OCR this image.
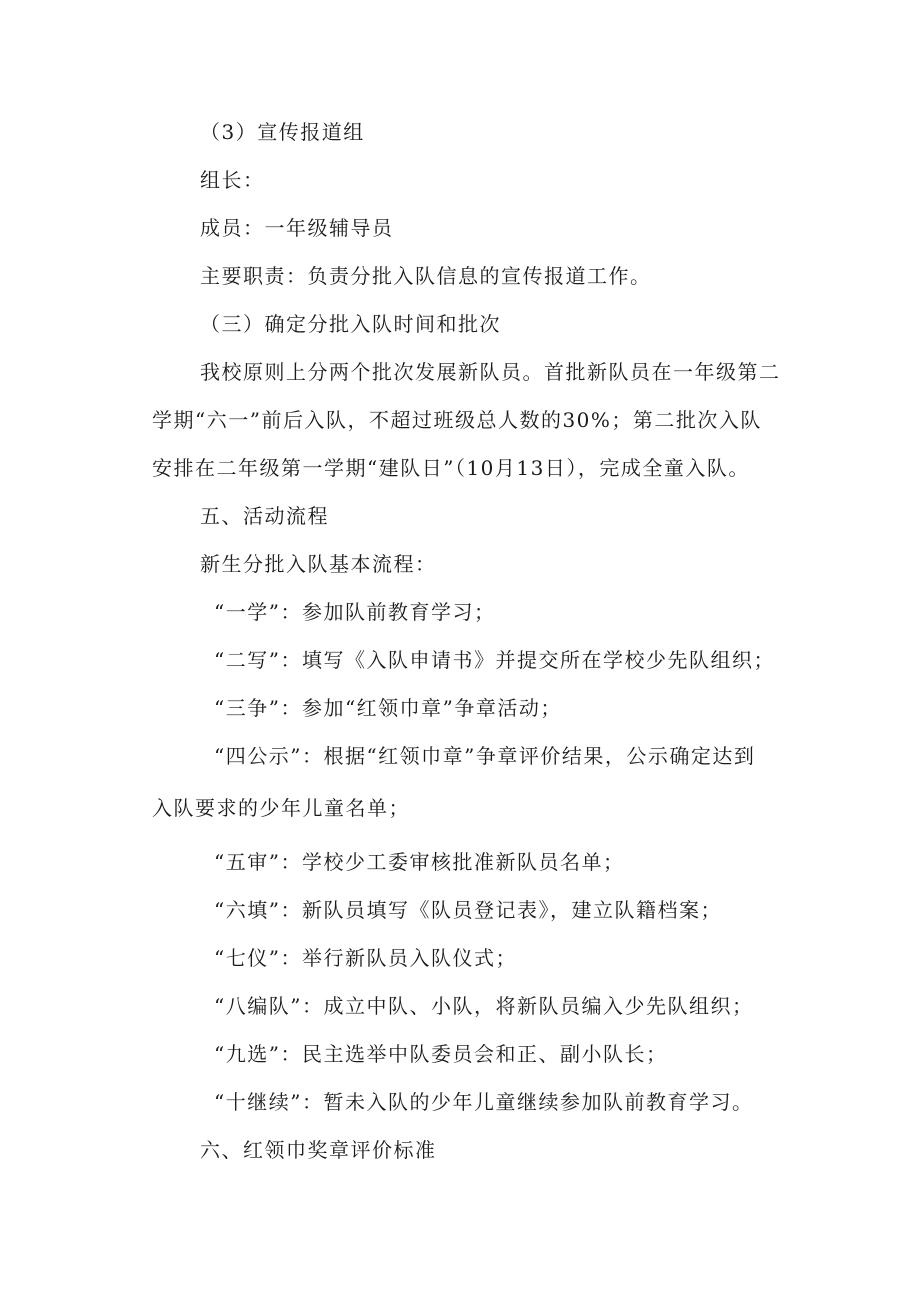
（3）宣传报道组
组长：
成员：一年级辅导员
主要职责：负责分批入队信息的宣传报道工作。
（三）确定分批入队时间和批次
我校原则上分两个批次发展新队员。首批新队员在一年级第二
学期“六一”前后入队，不超过班级总人数的30%；第二批次入队
安排在二年级第一学期“建队日”（10月13日），完成全童入队。
五、活动流程
新生分批入队基本流程：
“一学”：参加队前教育学习；
“二写”：填写《入队申请书》并提交所在学校少先队组织；
“三争”：参加“红领巾章”争章活动；
“四公示”：根据“红领巾章”争章评价结果，公示确定达到
入队要求的少年儿童名单；
“五审”：学校少工委审核批准新队员名单；
“六填”：新队员填写《队员登记表》，建立队籍档案；
“七仪”：举行新队员入队仪式；
“八编队”：成立中队、小队，将新队员编入少先队组织；
“九选”：民主选举中队委员会和正、副小队长；
“十继续”：暂未入队的少年儿童继续参加队前教育学习。
六、红领巾奖章评价标准
